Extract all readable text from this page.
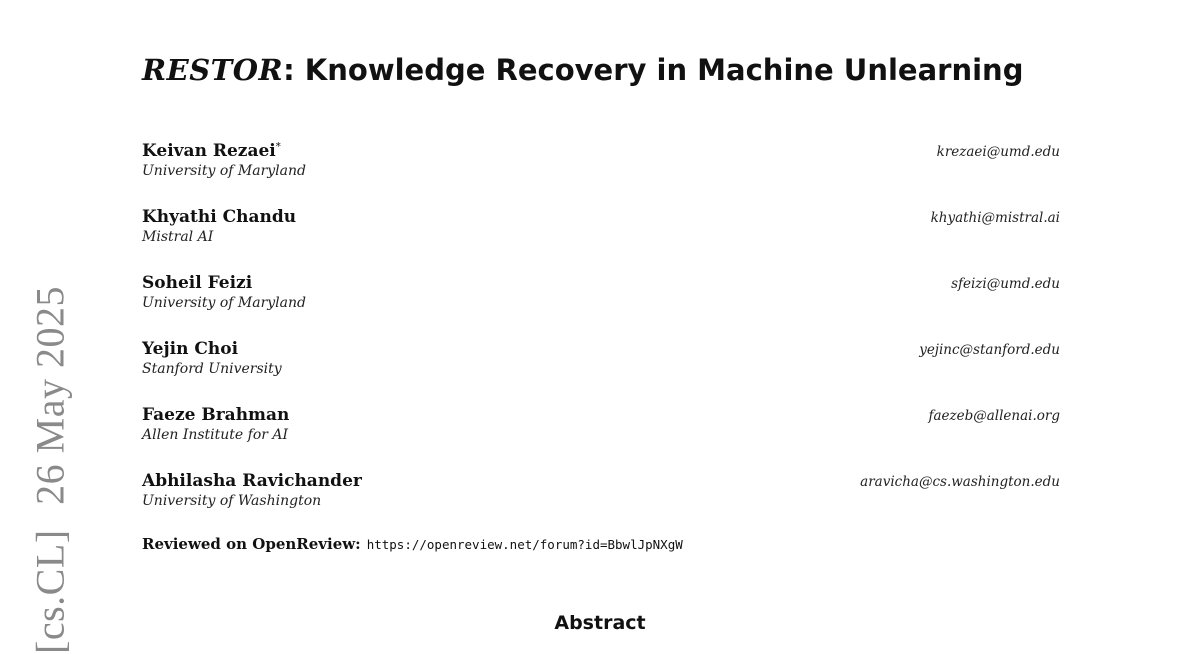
[cs.CL] 26 May 2025
RESTOR: Knowledge Recovery in Machine Unlearning
Keivan Rezaei*
University of Maryland
krezaei@umd.edu
Khyathi Chandu
Mistral AI
khyathi@mistral.ai
Soheil Feizi
University of Maryland
sfeizi@umd.edu
Yejin Choi
Stanford University
yejinc@stanford.edu
Faeze Brahman
Allen Institute for AI
faezeb@allenai.org
Abhilasha Ravichander
University of Washington
aravicha@cs.washington.edu
Reviewed on OpenReview: https://openreview.net/forum?id=BbwlJpNXgW
Abstract
